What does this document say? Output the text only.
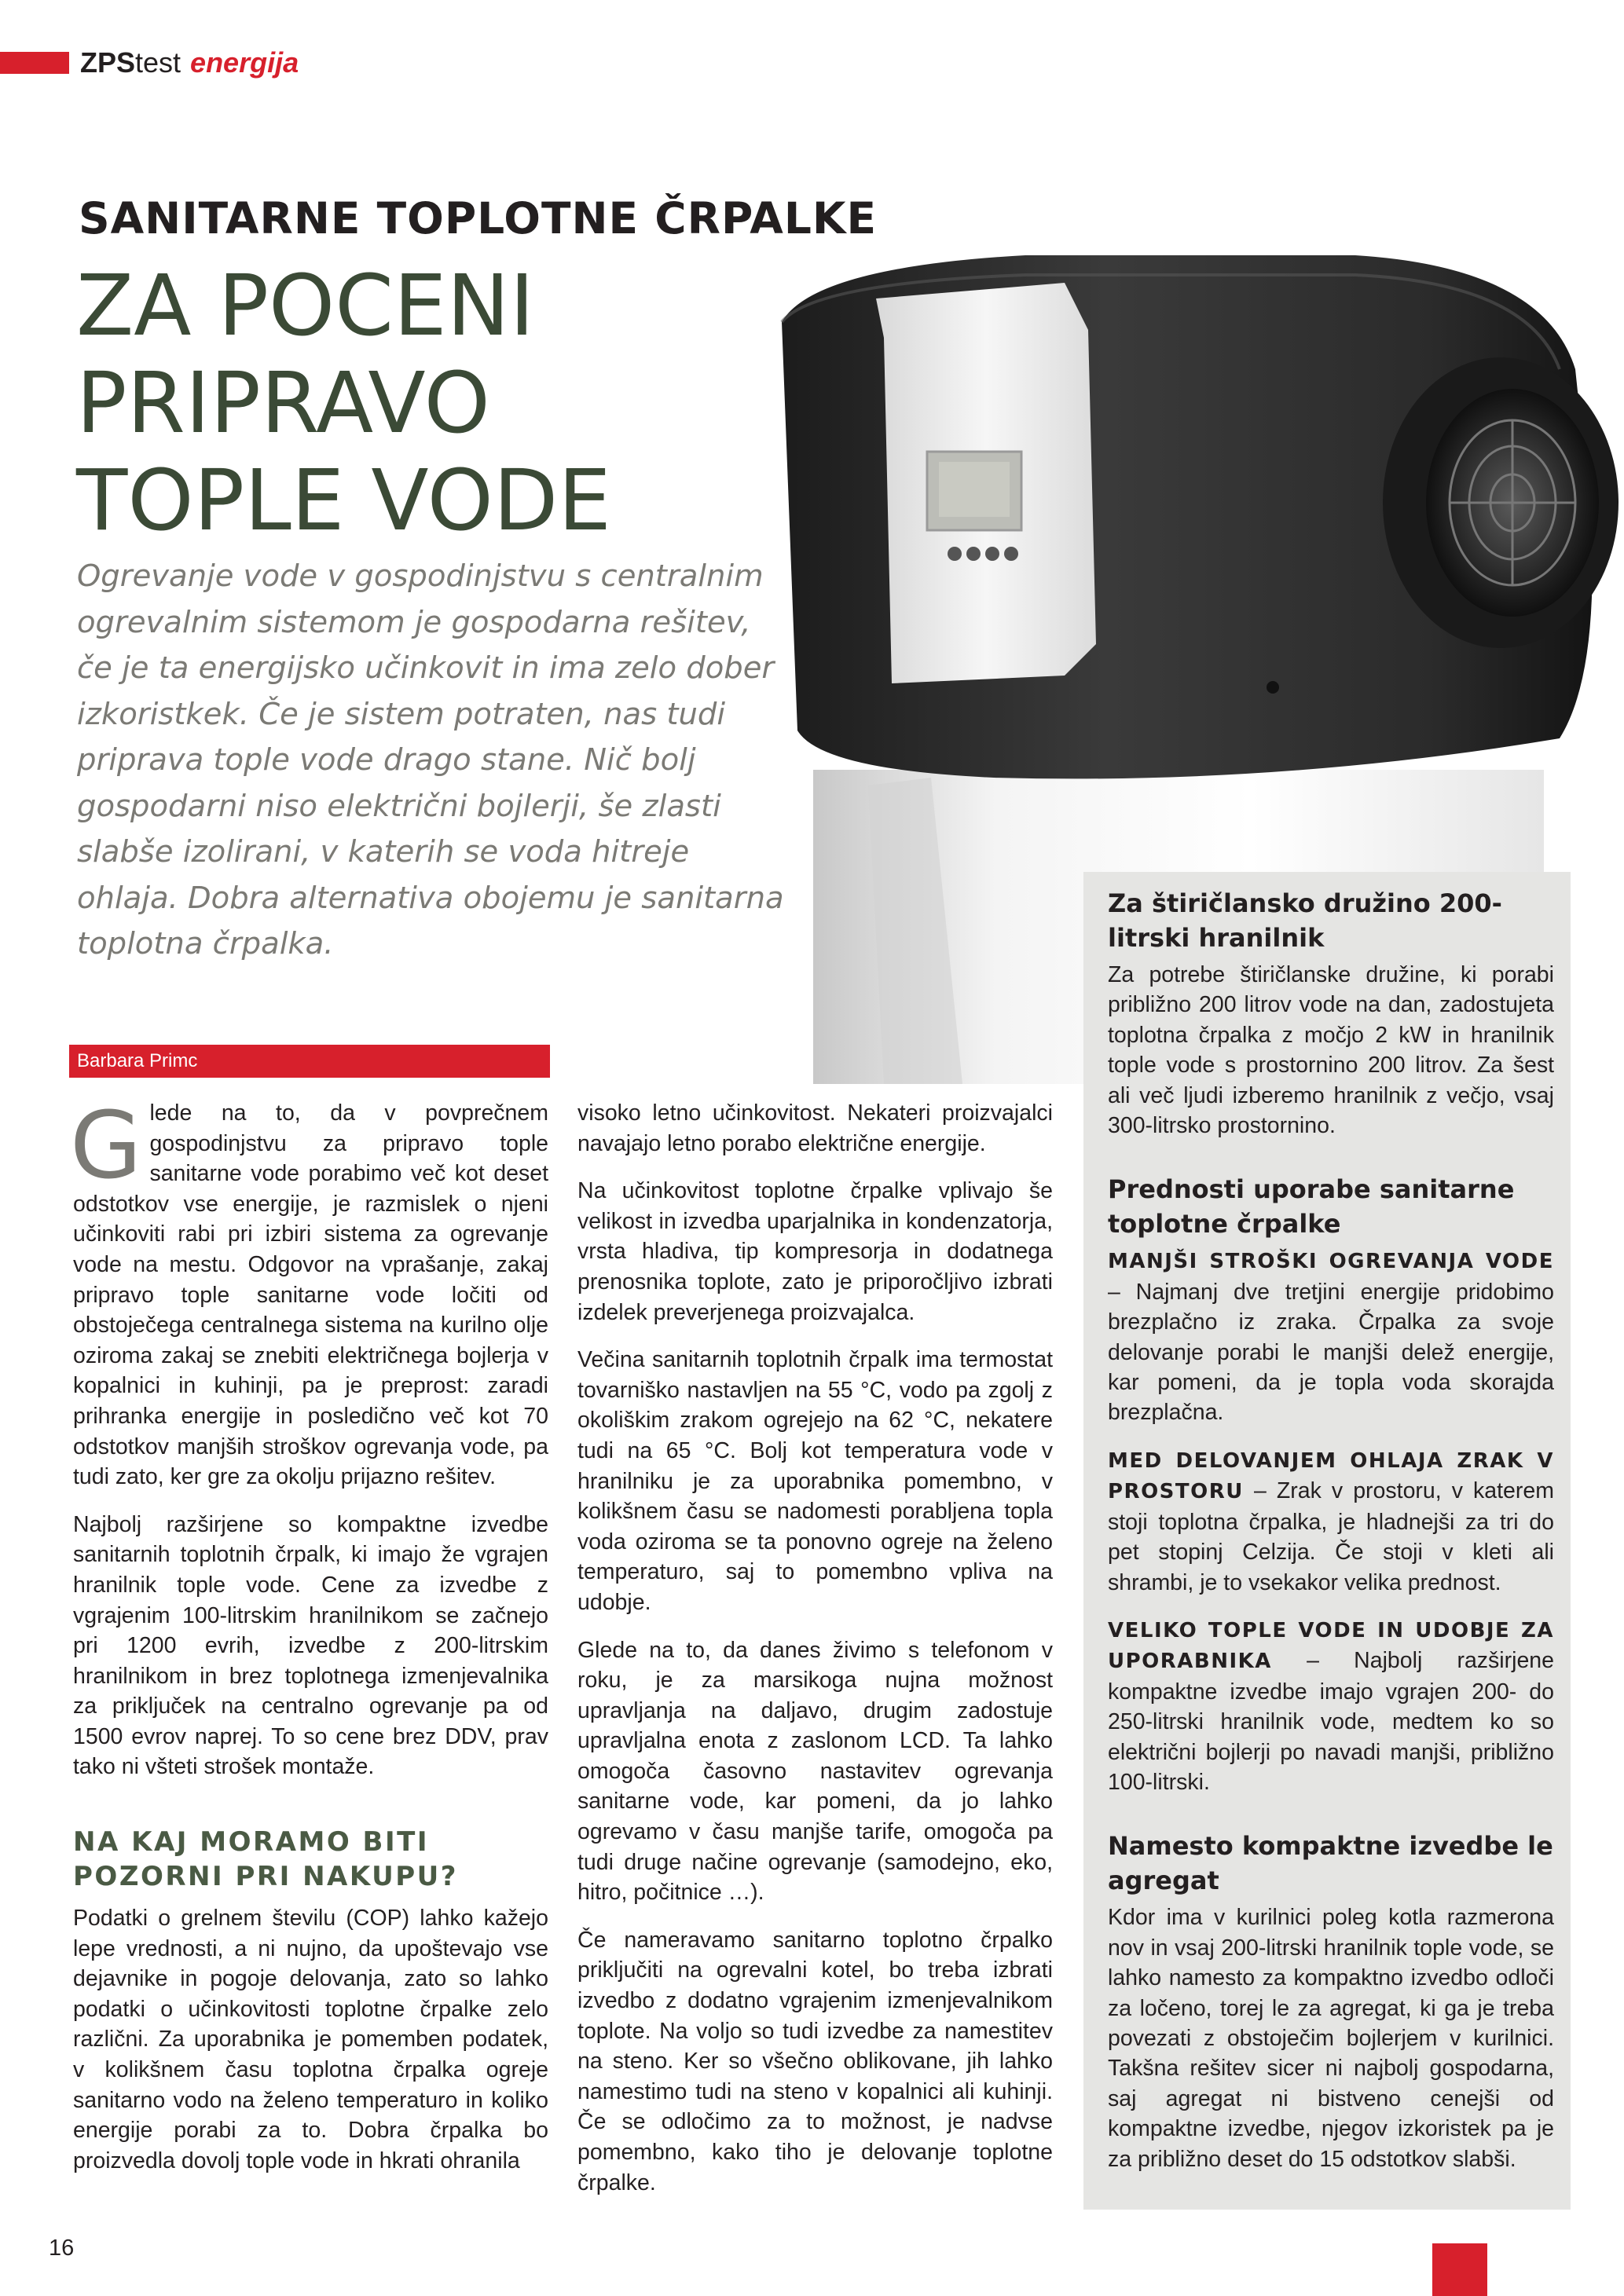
ZPStest energija
SANITARNE TOPLOTNE ČRPALKE
ZA POCENI
PRIPRAVO
TOPLE VODE
Ogrevanje vode v gospodinjstvu s centralnim ogrevalnim sistemom je gospodarna rešitev, če je ta energijsko učinkovit in ima zelo dober izkoristkek. Če je sistem potraten, nas tudi priprava tople vode drago stane. Nič bolj gospodarni niso električni bojlerji, še zlasti slabše izolirani, v katerih se voda hitreje ohlaja. Dobra alternativa obojemu je sanitarna toplotna črpalka.
Barbara Primc

Glede na to, da v povprečnem gospodinjstvu za pripravo tople sanitarne vode porabimo več kot deset odstotkov vse energije, je razmislek o njeni učinkoviti rabi pri izbiri sistema za ogrevanje vode na mestu. Odgovor na vprašanje, zakaj pripravo tople sanitarne vode ločiti od obstoječega centralnega sistema na kurilno olje oziroma zakaj se znebiti električnega bojlerja v kopalnici in kuhinji, pa je preprost: zaradi prihranka energije in posledično več kot 70 odstotkov manjših stroškov ogrevanja vode, pa tudi zato, ker gre za okolju prijazno rešitev.

Najbolj razširjene so kompaktne izvedbe sanitarnih toplotnih črpalk, ki imajo že vgrajen hranilnik tople vode. Cene za izvedbe z vgrajenim 100-litrskim hranilnikom se začnejo pri 1200 evrih, izvedbe z 200-litrskim hranilnikom in brez toplotnega izmenjevalnika za priključek na centralno ogrevanje pa od 1500 evrov naprej. To so cene brez DDV, prav tako ni všteti strošek montaže.

NA KAJ MORAMO BITI POZORNI PRI NAKUPU?

Podatki o grelnem številu (COP) lahko kažejo lepe vrednosti, a ni nujno, da upoštevajo vse dejavnike in pogoje delovanja, zato so lahko podatki o učinkovitosti toplotne črpalke zelo različni. Za uporabnika je pomemben podatek, v kolikšnem času toplotna črpalka ogreje sanitarno vodo na želeno temperaturo in koliko energije porabi za to. Dobra črpalka bo proizvedla dovolj tople vode in hkrati ohranila

visoko letno učinkovitost. Nekateri proizvajalci navajajo letno porabo električne energije.

Na učinkovitost toplotne črpalke vplivajo še velikost in izvedba uparjalnika in kondenzatorja, vrsta hladiva, tip kompresorja in dodatnega prenosnika toplote, zato je priporočljivo izbrati izdelek preverjenega proizvajalca.

Večina sanitarnih toplotnih črpalk ima termostat tovarniško nastavljen na 55 °C, vodo pa zgolj z okoliškim zrakom ogrejejo na 62 °C, nekatere tudi na 65 °C. Bolj kot temperatura vode v hranilniku je za uporabnika pomembno, v kolikšnem času se nadomesti porabljena topla voda oziroma se ta ponovno ogreje na želeno temperaturo, saj to pomembno vpliva na udobje.

Glede na to, da danes živimo s telefonom v roku, je za marsikoga nujna možnost upravljanja na daljavo, drugim zadostuje upravljalna enota z zaslonom LCD. Ta lahko omogoča časovno nastavitev ogrevanja sanitarne vode, kar pomeni, da jo lahko ogrevamo v času manjše tarife, omogoča pa tudi druge načine ogrevanje (samodejno, eko, hitro, počitnice …).

Če nameravamo sanitarno toplotno črpalko priključiti na ogrevalni kotel, bo treba izbrati izvedbo z dodatno vgrajenim izmenjevalnikom toplote. Na voljo so tudi izvedbe za namestitev na steno. Ker so všečno oblikovane, jih lahko namestimo tudi na steno v kopalnici ali kuhinji. Če se odločimo za to možnost, je nadvse pomembno, kako tiho je delovanje toplotne črpalke.

Za štiričlansko družino 200-litrski hranilnik

Za potrebe štiričlanske družine, ki porabi približno 200 litrov vode na dan, zadostujeta toplotna črpalka z močjo 2 kW in hranilnik tople vode s prostornino 200 litrov. Za šest ali več ljudi izberemo hranilnik z večjo, vsaj 300-litrsko prostornino.

Prednosti uporabe sanitarne toplotne črpalke

MANJŠI STROŠKI OGREVANJA VODE – Najmanj dve tretjini energije pridobimo brezplačno iz zraka. Črpalka za svoje delovanje porabi le manjši delež energije, kar pomeni, da je topla voda skorajda brezplačna.

MED DELOVANJEM OHLAJA ZRAK V PROSTORU – Zrak v prostoru, v katerem stoji toplotna črpalka, je hladnejši za tri do pet stopinj Celzija. Če stoji v kleti ali shrambi, je to vsekakor velika prednost.

VELIKO TOPLE VODE IN UDOBJE ZA UPORABNIKA – Najbolj razširjene kompaktne izvedbe imajo vgrajen 200- do 250-litrski hranilnik vode, medtem ko so električni bojlerji po navadi manjši, približno 100-litrski.

Namesto kompaktne izvedbe le agregat

Kdor ima v kurilnici poleg kotla razmerona nov in vsaj 200-litrski hranilnik tople vode, se lahko namesto za kompaktno izvedbo odloči za ločeno, torej le za agregat, ki ga je treba povezati z obstoječim bojlerjem v kurilnici. Takšna rešitev sicer ni najbolj gospodarna, saj agregat ni bistveno cenejši od kompaktne izvedbe, njegov izkoristek pa je za približno deset do 15 odstotkov slabši.

16
